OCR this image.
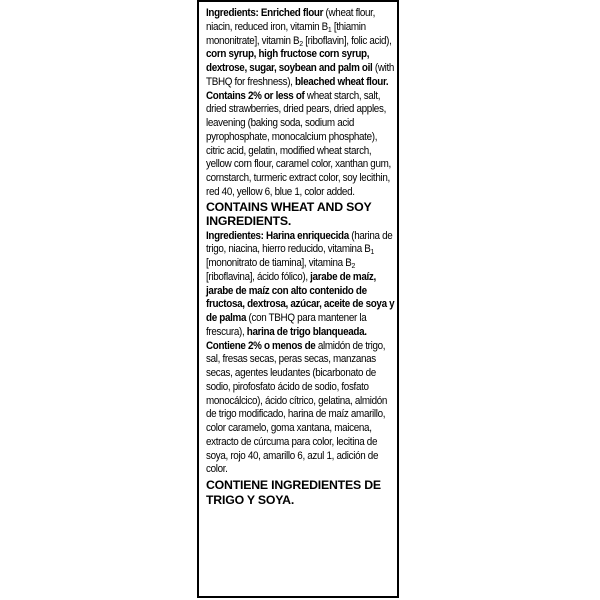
Ingredients: Enriched flour (wheat flour, niacin, reduced iron, vitamin $B_1$ [thiamin mononitrate], vitamin $B_2$ [riboflavin], folic acid), corn syrup, high fructose corn syrup, dextrose, sugar, soybean and palm oil (with TBHQ for freshness), bleached wheat flour. Contains 2% or less of wheat starch, salt, dried strawberries, dried pears, dried apples, leavening (baking soda, sodium acid pyrophosphate, monocalcium phosphate), citric acid, gelatin, modified wheat starch, yellow corn flour, caramel color, xanthan gum, cornstarch, turmeric extract color, soy lecithin, red 40, yellow 6, blue 1, color added.

CONTAINS WHEAT AND SOY INGREDIENTS.

Ingredientes: Harina enriquecida (harina de trigo, niacina, hierro reducido, vitamina $B_1$ [mononitrato de tiamina], vitamina $B_2$ [riboflavina], ácido fólico), jarabe de maíz, jarabe de maíz con alto contenido de fructosa, dextrosa, azúcar, aceite de soya y de palma (con TBHQ para mantener la frescura), harina de trigo blanqueada. Contiene 2% o menos de almidón de trigo, sal, fresas secas, peras secas, manzanas secas, agentes leudantes (bicarbonato de sodio, pirofosfato ácido de sodio, fosfato monocálcico), ácido cítrico, gelatina, almidón de trigo modificado, harina de maíz amarillo, color caramelo, goma xantana, maicena, extracto de cúrcuma para color, lecitina de soya, rojo 40, amarillo 6, azul 1, adición de color.

CONTIENE INGREDIENTES DE TRIGO Y SOYA.
